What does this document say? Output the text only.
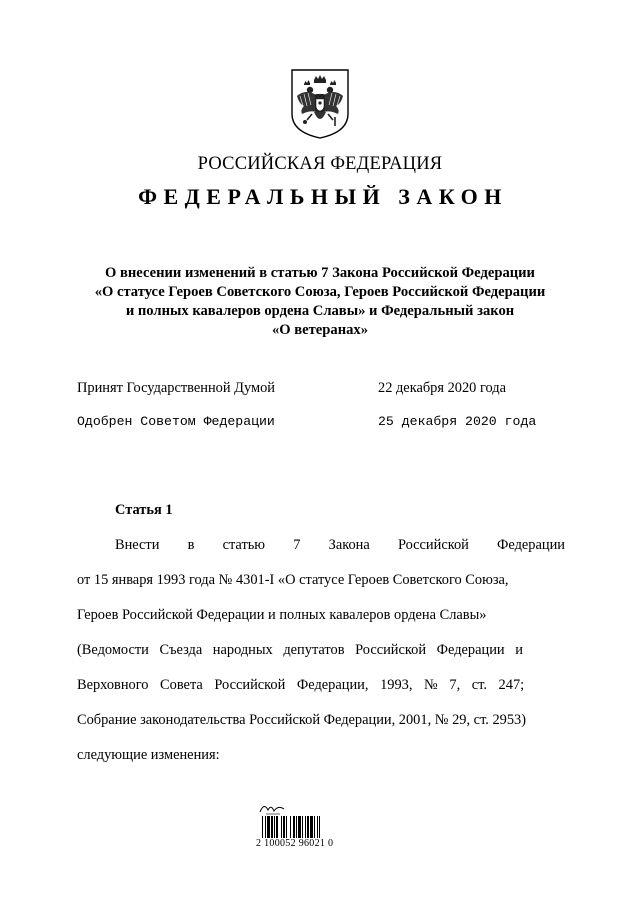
РОССИЙСКАЯ ФЕДЕРАЦИЯ
ФЕДЕРАЛЬНЫЙ ЗАКОН
О внесении изменений в статью 7 Закона Российской Федерации
«О статусе Героев Советского Союза, Героев Российской Федерации
и полных кавалеров ордена Славы» и Федеральный закон
«О ветеранах»
Принят Государственной Думой	22 декабря 2020 года
Одобрен Советом Федерации	25 декабря 2020 года
Статья 1
Внести в статью 7 Закона Российской Федерации
от 15 января 1993 года № 4301-I «О статусе Героев Советского Союза,
Героев Российской Федерации и полных кавалеров ордена Славы»
(Ведомости Съезда народных депутатов Российской Федерации и
Верховного Совета Российской Федерации, 1993, № 7, ст. 247;
Собрание законодательства Российской Федерации, 2001, № 29, ст. 2953)
следующие изменения:
2 100052 96021 0
